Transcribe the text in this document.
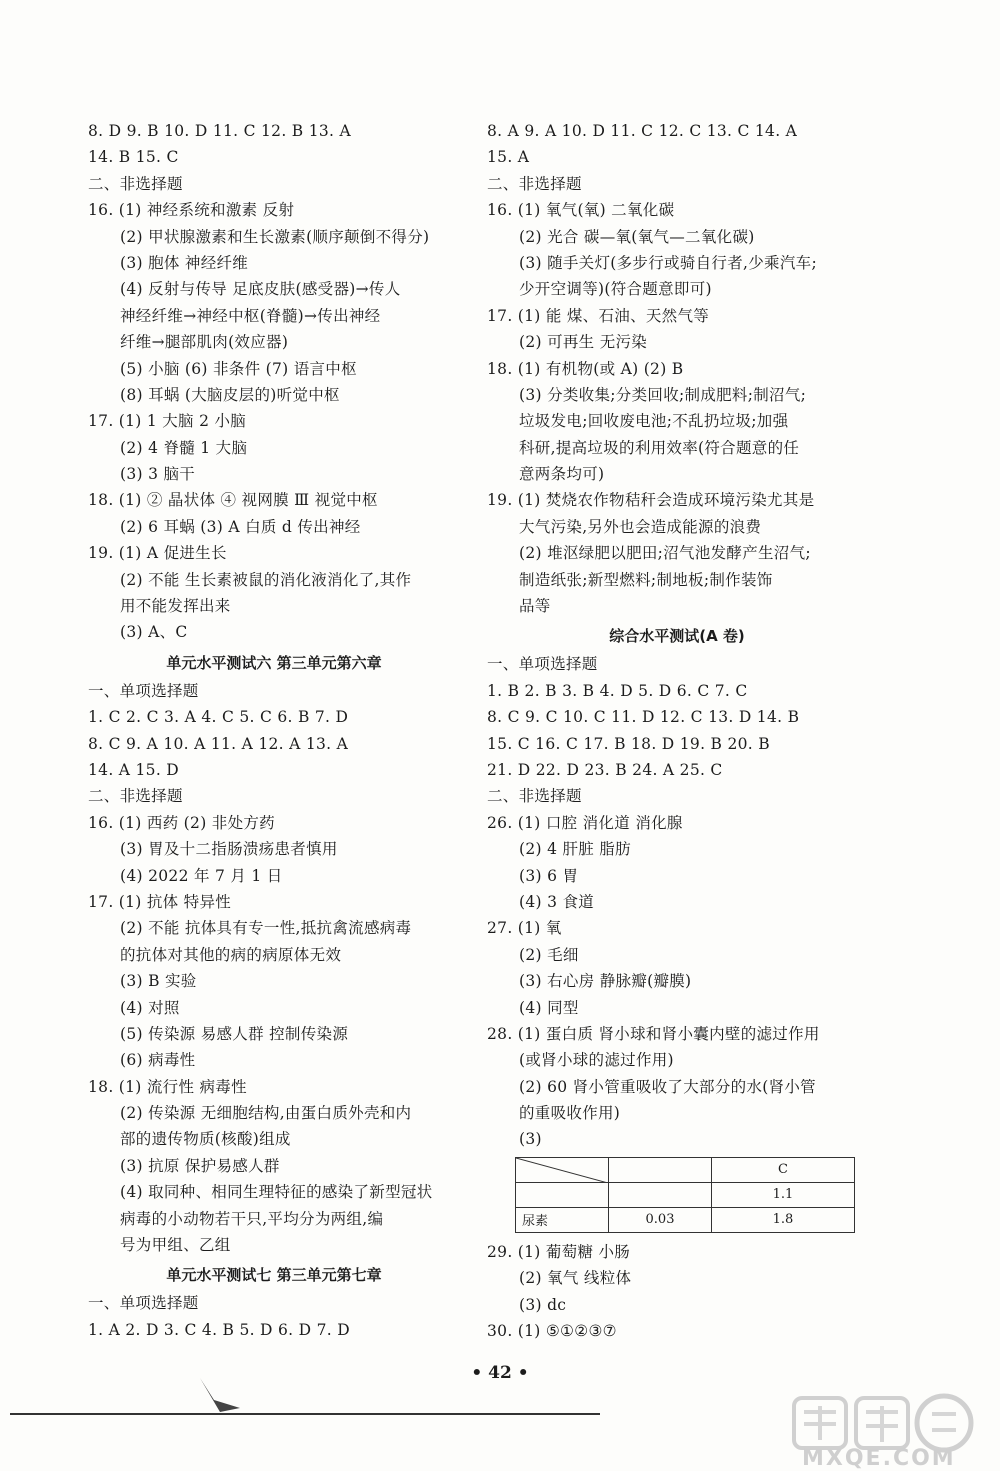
8. D 9. B 10. D 11. C 12. B 13. A
14. B 15. C
二、非选择题
16. (1) 神经系统和激素 反射
(2) 甲状腺激素和生长激素(顺序颠倒不得分)
(3) 胞体 神经纤维
(4) 反射与传导 足底皮肤(感受器)→传人
神经纤维→神经中枢(脊髓)→传出神经
纤维→腿部肌肉(效应器)
(5) 小脑 (6) 非条件 (7) 语言中枢
(8) 耳蜗 (大脑皮层的)听觉中枢
17. (1) 1 大脑 2 小脑
(2) 4 脊髓 1 大脑
(3) 3 脑干
18. (1) ② 晶状体 ④ 视网膜 Ⅲ 视觉中枢
(2) 6 耳蜗 (3) A 白质 d 传出神经
19. (1) A 促进生长
(2) 不能 生长素被鼠的消化液消化了,其作
用不能发挥出来
(3) A、C
单元水平测试六 第三单元第六章
一、单项选择题
1. C 2. C 3. A 4. C 5. C 6. B 7. D
8. C 9. A 10. A 11. A 12. A 13. A
14. A 15. D
二、非选择题
16. (1) 西药 (2) 非处方药
(3) 胃及十二指肠溃疡患者慎用
(4) 2022 年 7 月 1 日
17. (1) 抗体 特异性
(2) 不能 抗体具有专一性,抵抗禽流感病毒
的抗体对其他的病的病原体无效
(3) B 实验
(4) 对照
(5) 传染源 易感人群 控制传染源
(6) 病毒性
18. (1) 流行性 病毒性
(2) 传染源 无细胞结构,由蛋白质外壳和内
部的遗传物质(核酸)组成
(3) 抗原 保护易感人群
(4) 取同种、相同生理特征的感染了新型冠状
病毒的小动物若干只,平均分为两组,编
号为甲组、乙组
单元水平测试七 第三单元第七章
一、单项选择题
1. A 2. D 3. C 4. B 5. D 6. D 7. D
8. A 9. A 10. D 11. C 12. C 13. C 14. A
15. A
二、非选择题
16. (1) 氧气(氧) 二氧化碳
(2) 光合 碳—氧(氧气—二氧化碳)
(3) 随手关灯(多步行或骑自行者,少乘汽车;
少开空调等)(符合题意即可)
17. (1) 能 煤、石油、天然气等
(2) 可再生 无污染
18. (1) 有机物(或 A) (2) B
(3) 分类收集;分类回收;制成肥料;制沼气;
垃圾发电;回收废电池;不乱扔垃圾;加强
科研,提高垃圾的利用效率(符合题意的任
意两条均可)
19. (1) 焚烧农作物秸秆会造成环境污染尤其是
大气污染,另外也会造成能源的浪费
(2) 堆沤绿肥以肥田;沼气池发酵产生沼气;
制造纸张;新型燃料;制地板;制作装饰
品等
综合水平测试(A 卷)
一、单项选择题
1. B 2. B 3. B 4. D 5. D 6. C 7. C
8. C 9. C 10. C 11. D 12. C 13. D 14. B
15. C 16. C 17. B 18. D 19. B 20. B
21. D 22. D 23. B 24. A 25. C
二、非选择题
26. (1) 口腔 消化道 消化腺
(2) 4 肝脏 脂肪
(3) 6 胃
(4) 3 食道
27. (1) 氧
(2) 毛细
(3) 右心房 静脉瓣(瓣膜)
(4) 同型
28. (1) 蛋白质 肾小球和肾小囊内壁的滤过作用
(或肾小球的滤过作用)
(2) 60 肾小管重吸收了大部分的水(肾小管
的重吸收作用)
(3)
		C
		1.1
尿素	0.03	1.8
29. (1) 葡萄糖 小肠
(2) 氧气 线粒体
(3) dc
30. (1) ⑤①②③⑦
• 42 •
MXQE.COM
